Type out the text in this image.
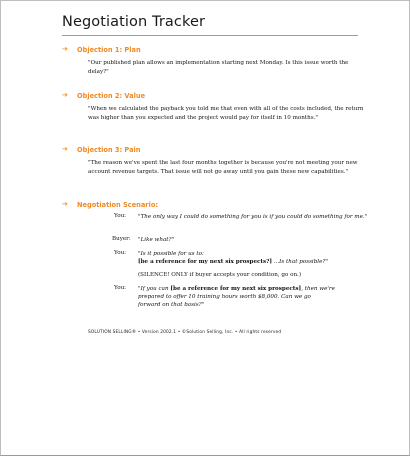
Negotiation Tracker
➔ Objection 1: Plan
"Our published plan allows an implementation starting next Monday. Is this issue worth the delay?"
➔ Objection 2: Value
"When we calculated the payback you told me that even with all of the costs included, the return was higher than you expected and the project would pay for itself in 10 months."
➔ Objection 3: Pain
"The reason we've spent the last four months together is because you're not meeting your new account revenue targets. That issue will not go away until you gain these new capabilities."
➔ Negotiation Scenario:
You: "The only way I could do something for you is if you could do something for me."
Buyer: "Like what?"
You: "Is it possible for us to:
[be a reference for my next six prospects?] ...Is that possible?"
(SILENCE! ONLY if buyer accepts your condition, go on.)
You: "If you can [be a reference for my next six prospects], then we're
prepared to offer 10 training hours worth $8,000. Can we go
forward on that basis?"
SOLUTION SELLING® • Version 2002.1 • ©Solution Selling, Inc. • All rights reserved
